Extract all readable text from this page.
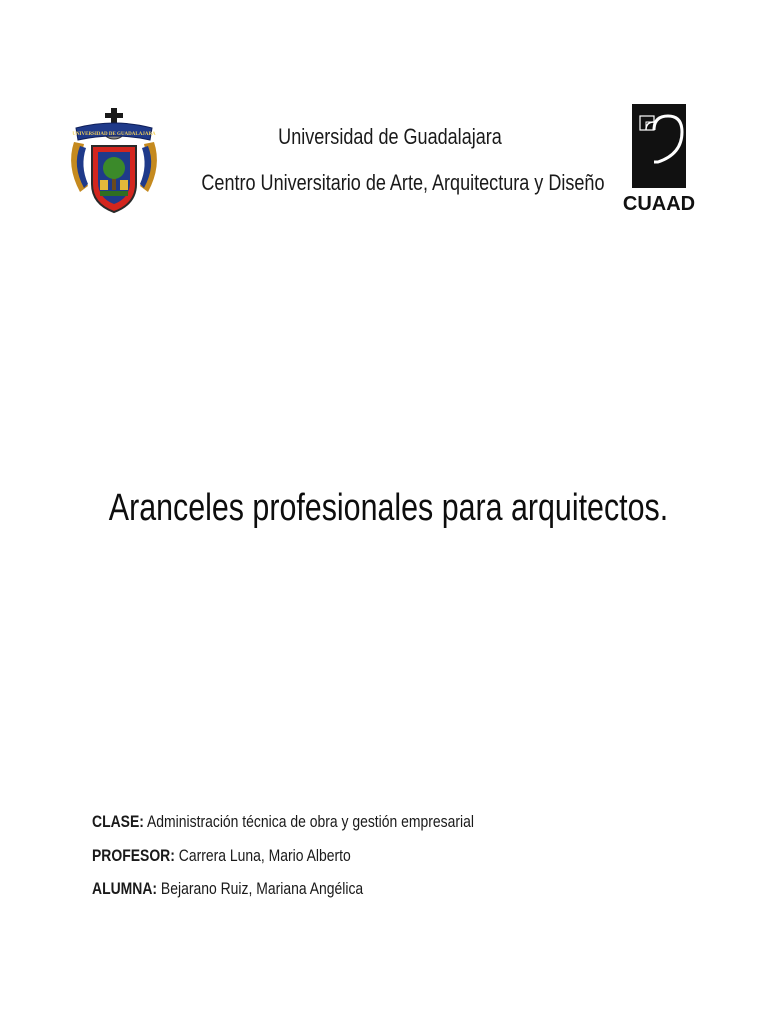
UNIVERSIDAD DE GUADALAJARA	Universidad de Guadalajara
Centro Universitario de Arte, Arquitectura y Diseño
CUAAD
Aranceles profesionales para arquitectos.
CLASE: Administración técnica de obra y gestión empresarial
PROFESOR: Carrera Luna, Mario Alberto
ALUMNA: Bejarano Ruiz, Mariana Angélica
